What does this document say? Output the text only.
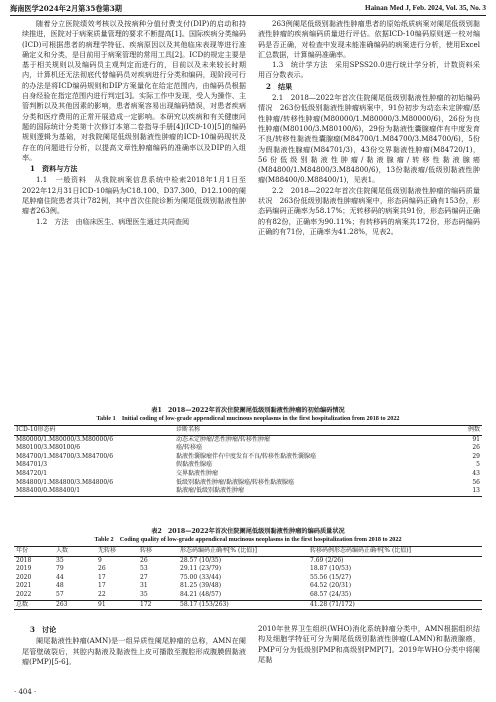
海南医学2024年2月第35卷第3期	Hainan Med J, Feb. 2024, Vol. 35, No. 3

随着分立医院绩效考核以及按病种分值付费支付(DIP)的启动和持续推进，医院对于病案质量管理的要求不断提高[1]。国际疾病分类编码(ICD)可根据患者的病理学特征、疾病原因以及其他临床表现等进行准确定义和分类，是目前用于病案管理的常用工具[2]。ICD的规定主要是基于相关规则以及编码员主观判定而进行的，目前以及未来较长时期内，计算机还无法彻底代替编码员对疾病进行分类和编码，现阶段可行的办法是将ICD编码规则和DIP方案量化在给定范围内，由编码员根据自身经验在指定范围内进行判定[3]。实际工作中发现，受人为操作、主管判断以及其他因素的影响，患者病案容易出现编码错误，对患者疾病分类和医疗费用的正常开展造成一定影响。本研究以疾病和有关健康问题的国际统计分类第十次修订本第二卷指导手册[4](ICD-10)[5]的编码规则逻辑为基础，对我院阑尾低级别黏液性肿瘤的ICD-10编码现状及存在的问题进行分析，以提高文章性肿瘤编码的准确率以及DIP的入组率。

1　资料与方法

1.1　一般资料　从我院病案信息系统中检索2018年1月1日至2022年12月31日ICD-10编码为C18.100、D37.300、D12.100的阑尾肿瘤住院患者共计782例，其中首次住院诊断为阑尾低级别黏液性肿瘤者263例。

1.2　方法　由临床医生、病理医生通过共同查阅

263例阑尾低级别黏液性肿瘤患者的原始纸质病案对阑尾低级别黏液性肿瘤的疾病编码质量进行评估。依据ICD-10编码原则逐一校对编码是否正确，对检查中发现未能准确编码的病案进行分析，使用Excel汇总数据，计算编码准确率。

1.3　统计学方法　采用SPSS20.0进行统计学分析，计数资料采用百分数表示。

2　结果

2.1　2018—2022年首次住院阑尾低级别黏液性肿瘤的初始编码情况　263份低级别黏液性肿瘤病案中，91份初步为动态未定肿瘤/恶性肿瘤/转移性肿瘤(M80000/1.M80000/3.M80000/6)，26份为良性肿瘤(M80100/3.M80100/6)，29份为黏液性囊腺瘤伴有中度发育不良/转移性黏液性囊腺瘤(M84700/1.M84700/3.M84700/6)，5份为假黏液性腺瘤(M84701/3)，43份交界黏液性肿瘤(M84720/1)，56份低级别黏液性肿瘤/黏液腺瘤/转移性黏液腺癌(M84800/1.M84800/3.M84800/6)，13份黏液瘤/低级别黏液性肿瘤(M88400/0.M88400/1)，见表1。

2.2　2018—2022年首次住院阑尾低级别黏液性肿瘤的编码质量状况　263份低级别黏液性肿瘤病案中，形态码编码正确有153份，形态码编码正确率为58.17%；无转移码的病案共91份，形态码编码正确的有82份，正确率为90.11%；有转移码的病案共172份，形态码编码正确的有71份，正确率为41.28%，见表2。

表1　2018—2022年首次住院阑尾低级别黏液性肿瘤的初始编码情况
Table 1　Initial coding of low-grade appendiceal mucinous neoplasms in the first hospitalization from 2018 to 2022
ICD-10形态码	诊断名称	例数
M80000/1.M80000/3.M80000/6	动态未定肿瘤/恶性肿瘤/转移性肿瘤	91
M80100/3.M80100/6	癌/转移癌	26
M84700/1.M84700/3.M84700/6	黏液性囊腺瘤伴有中度发育不良/转移性黏液性囊腺癌	29
M84701/3	假黏液性腺癌	5
M84720/1	交界黏液性肿瘤	43
M84800/1.M84800/3.M84800/6	低级别黏液性肿瘤/黏液腺癌/转移性黏液腺癌	56
M88400/0.M88400/1	黏液瘤/低级别黏液性肿瘤	13
表2　2018—2022年首次住院阑尾低级别黏液性肿瘤的编码质量状况
Table 2　Coding quality of low-grade appendiceal mucinous neoplasms in the first hospitalization from 2018 to 2022
年份	人数	无转移	转移	形态码编码正确率[% (比值)]	转移码例形态码编码正确率[% (比值)]
2018	35	9	26	28.57 (10/35)	7.69 (2/26)
2019	79	26	53	29.11 (23/79)	18.87 (10/53)
2020	44	17	27	75.00 (33/44)	55.56 (15/27)
2021	48	17	31	81.25 (39/48)	64.52 (20/31)
2022	57	22	35	84.21 (48/57)	68.57 (24/35)
总数	263	91	172	58.17 (153/263)	41.28 (71/172)

3　讨论

阑尾黏液性肿瘤(AMN)是一组异质性阑尾肿瘤的总称，AMN在阑尾管壁破裂后，其腔内黏液及黏液性上皮可播散至腹腔形成腹膜假黏液瘤(PMP)[5-6]。

2010年世界卫生组织(WHO)消化系统肿瘤分类中，AMN根据组织结构及细胞学特征可分为阑尾低级别黏液性肿瘤(LAMN)和黏液腺癌，PMP可分为低级别PMP和高级别PMP[7]。2019年WHO分类中将阑尾黏

· 404 ·
